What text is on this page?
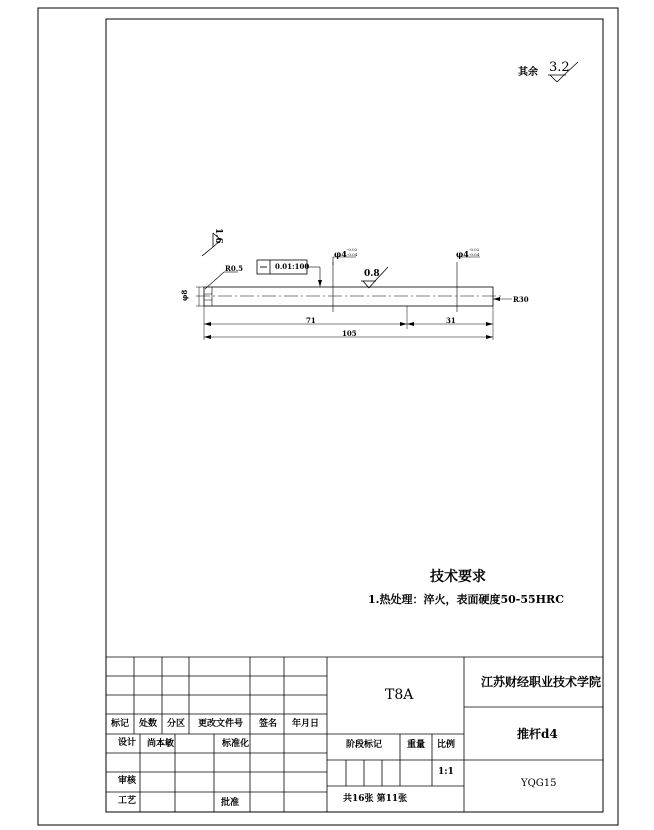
其余 3.2
1.6
R0.5	0.01:100
φ4 -0.02
-0.04
0.8
φ4 -0.02
-0.04
R30
φ8
71	31
105
技术要求
1.热处理：淬火，表面硬度50-55HRC
标记 处数 分区 更改文件号 签名 年月日
设计 尚本敏	标准化
审核
工艺	批准
T8A
阶段标记	重量 比例
1:1
共16张 第11张
江苏财经职业技术学院
推杆d4
YQG15
